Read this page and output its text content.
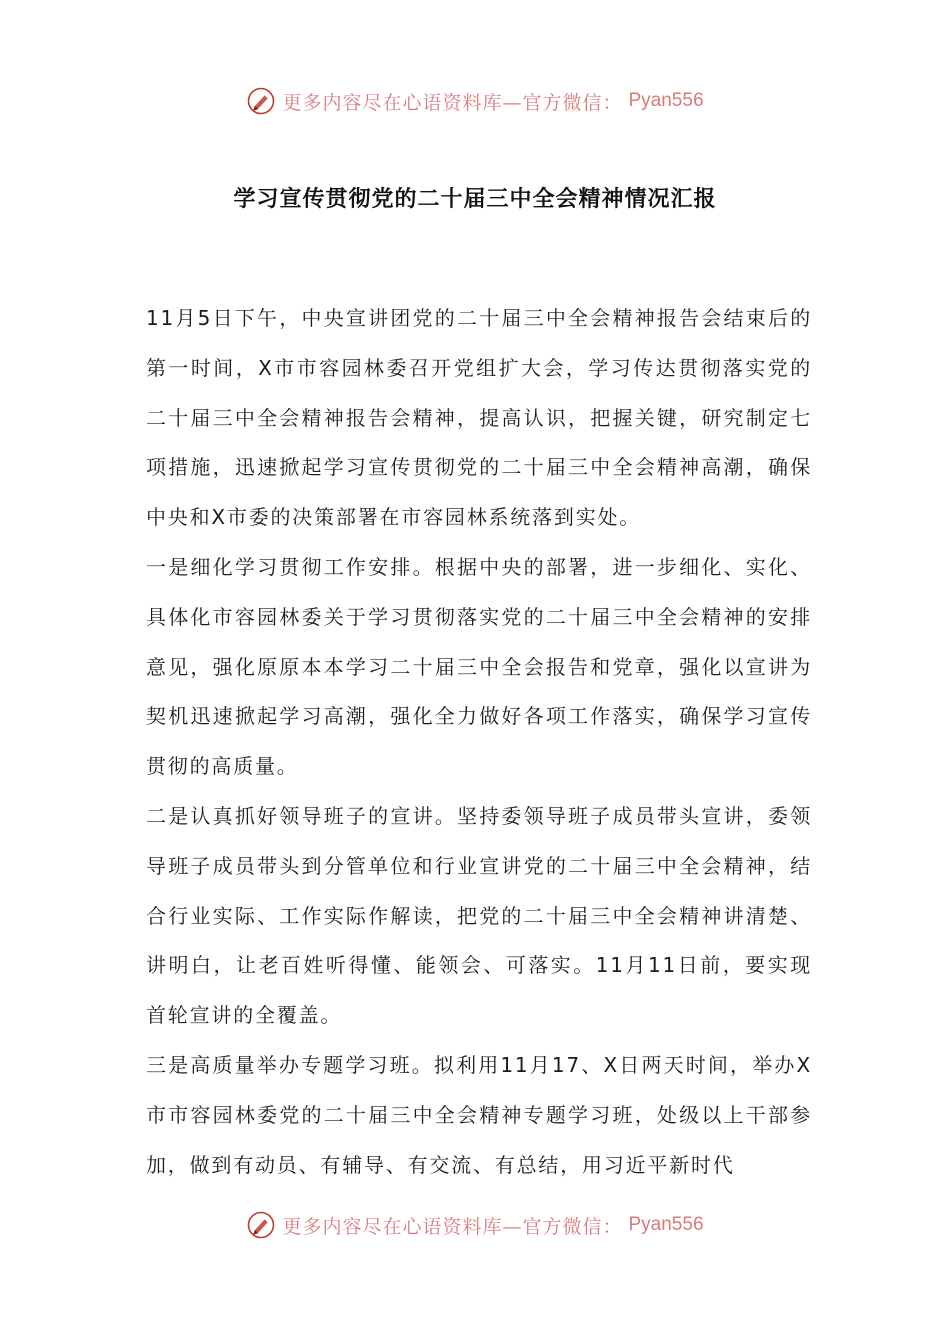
更多内容尽在心语资料库—官方微信： Pyan556
学习宣传贯彻党的二十届三中全会精神情况汇报

11月5日下午，中央宣讲团党的二十届三中全会精神报告会结束后的第一时间，X市市容园林委召开党组扩大会，学习传达贯彻落实党的二十届三中全会精神报告会精神，提高认识，把握关键，研究制定七项措施，迅速掀起学习宣传贯彻党的二十届三中全会精神高潮，确保中央和X市委的决策部署在市容园林系统落到实处。

一是细化学习贯彻工作安排。根据中央的部署，进一步细化、实化、具体化市容园林委关于学习贯彻落实党的二十届三中全会精神的安排意见，强化原原本本学习二十届三中全会报告和党章，强化以宣讲为契机迅速掀起学习高潮，强化全力做好各项工作落实，确保学习宣传贯彻的高质量。

二是认真抓好领导班子的宣讲。坚持委领导班子成员带头宣讲，委领导班子成员带头到分管单位和行业宣讲党的二十届三中全会精神，结合行业实际、工作实际作解读，把党的二十届三中全会精神讲清楚、讲明白，让老百姓听得懂、能领会、可落实。11月11日前，要实现首轮宣讲的全覆盖。

三是高质量举办专题学习班。拟利用11月17、X日两天时间，举办X市市容园林委党的二十届三中全会精神专题学习班，处级以上干部参加，做到有动员、有辅导、有交流、有总结，用习近平新时代

更多内容尽在心语资料库—官方微信： Pyan556
